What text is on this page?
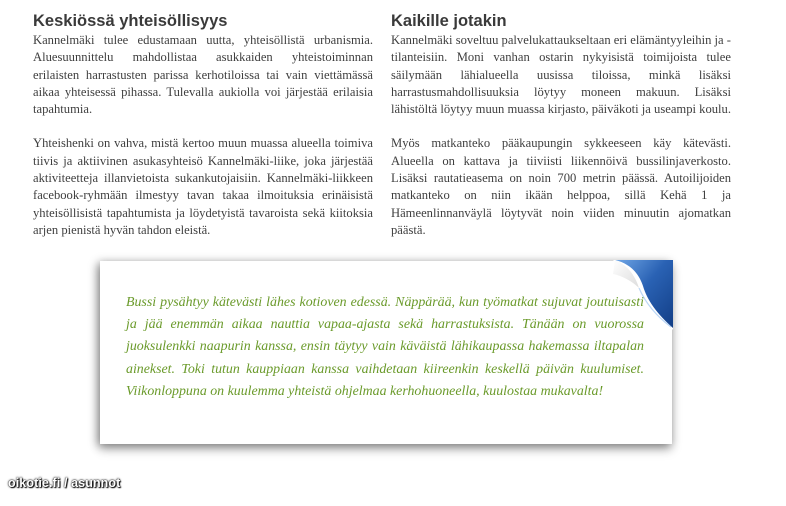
Keskiössä yhteisöllisyys

Kannelmäki tulee edustamaan uutta, yhteisöllistä urbanismia. Aluesuunnittelu mahdollistaa asukkaiden yhteistoiminnan erilaisten harrastusten parissa kerhotiloissa tai vain viettämässä aikaa yhteisessä pihassa. Tulevalla aukiolla voi järjestää erilaisia tapahtumia.

Yhteishenki on vahva, mistä kertoo muun muassa alueella toimiva tiivis ja aktiivinen asukasyhteisö Kannelmäki-liike, joka järjestää aktiviteetteja illanvietoista sukankutojaisiin. Kannelmäki-liikkeen facebook-ryhmään ilmestyy tavan takaa ilmoituksia erinäisistä yhteisöllisistä tapahtumista ja löydetyistä tavaroista sekä kiitoksia arjen pienistä hyvän tahdon eleistä.

Kaikille jotakin

Kannelmäki soveltuu palvelukattaukseltaan eri elämäntyyleihin ja -tilanteisiin. Moni vanhan ostarin nykyisistä toimijoista tulee säilymään lähialueella uusissa tiloissa, minkä lisäksi harrastusmahdollisuuksia löytyy moneen makuun. Lisäksi lähistöltä löytyy muun muassa kirjasto, päiväkoti ja useampi koulu.

Myös matkanteko pääkaupungin sykkeeseen käy kätevästi. Alueella on kattava ja tiiviisti liikennöivä bussilinjaverkosto. Lisäksi rautatieasema on noin 700 metrin päässä. Autoilijoiden matkanteko on niin ikään helppoa, sillä Kehä 1 ja Hämeenlinnanväylä löytyvät noin viiden minuutin ajomatkan päästä.

Bussi pysähtyy kätevästi lähes kotioven edessä. Näppärää, kun työmatkat sujuvat joutuisasti ja jää enemmän aikaa nauttia vapaa-ajasta sekä harrastuksista. Tänään on vuorossa juoksulenkki naapurin kanssa, ensin täytyy vain käväistä lähikaupassa hakemassa iltapalan ainekset. Toki tutun kauppiaan kanssa vaihdetaan kiireenkin keskellä päivän kuulumiset. Viikonloppuna on kuulemma yhteistä ohjelmaa kerhohuoneella, kuulostaa mukavalta!

oikotie.fi / asunnot
